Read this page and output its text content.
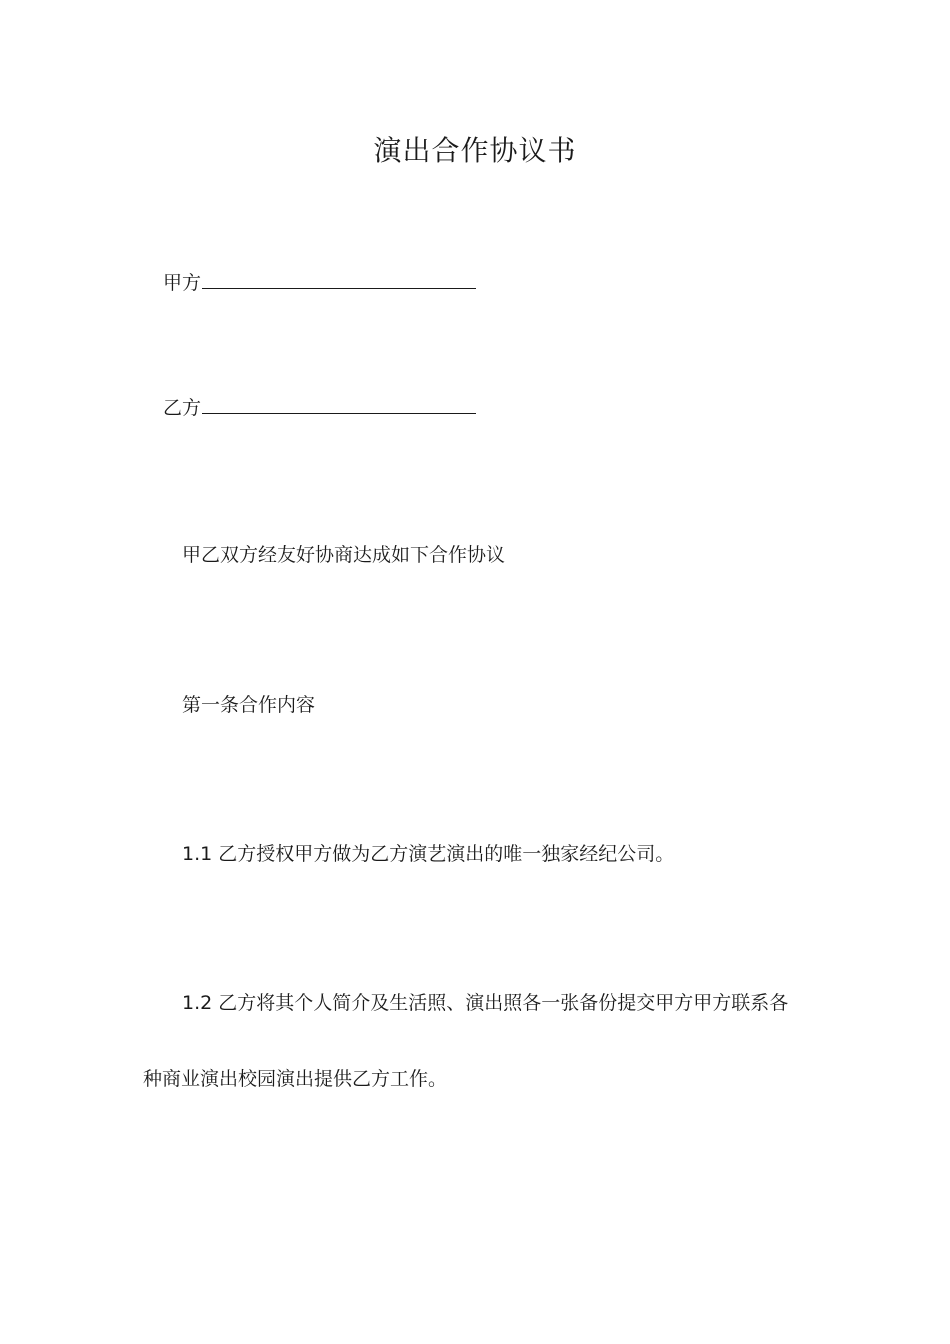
演出合作协议书
甲方
乙方
甲乙双方经友好协商达成如下合作协议
第一条合作内容
1.1 乙方授权甲方做为乙方演艺演出的唯一独家经纪公司。
1.2 乙方将其个人简介及生活照、演出照各一张备份提交甲方甲方联系各
种商业演出校园演出提供乙方工作。
